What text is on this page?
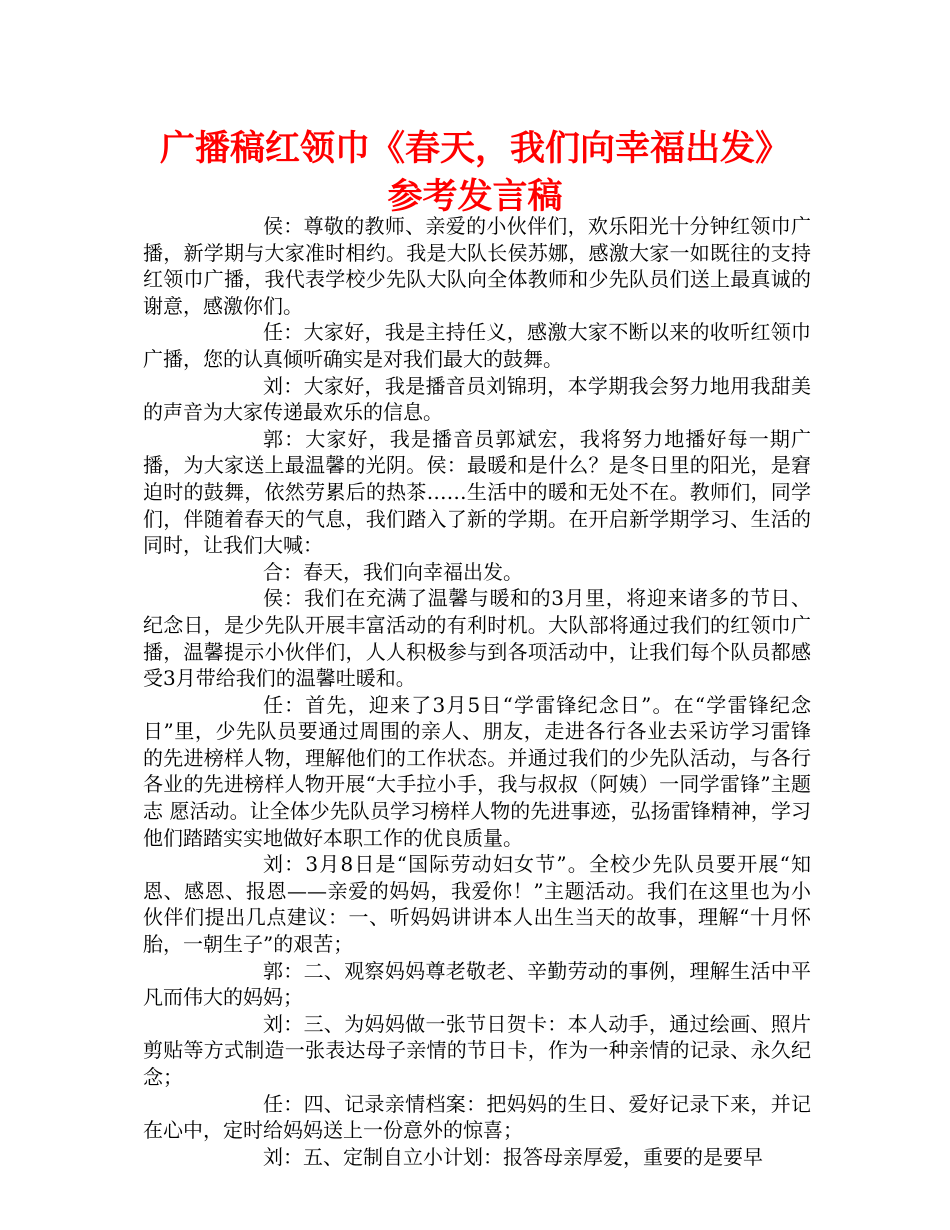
广播稿红领巾《春天，我们向幸福出发》
参考发言稿

侯：尊敬的教师、亲爱的小伙伴们，欢乐阳光十分钟红领巾广播，新学期与大家准时相约。我是大队长侯苏娜，感激大家一如既往的支持红领巾广播，我代表学校少先队大队向全体教师和少先队员们送上最真诚的谢意，感激你们。

任：大家好，我是主持任义，感激大家不断以来的收听红领巾广播，您的认真倾听确实是对我们最大的鼓舞。

刘：大家好，我是播音员刘锦玥，本学期我会努力地用我甜美的声音为大家传递最欢乐的信息。

郭：大家好，我是播音员郭斌宏，我将努力地播好每一期广播，为大家送上最温馨的光阴。侯：最暖和是什么？是冬日里的阳光，是窘迫时的鼓舞，依然劳累后的热茶……生活中的暖和无处不在。教师们，同学们，伴随着春天的气息，我们踏入了新的学期。在开启新学期学习、生活的同时，让我们大喊：

合：春天，我们向幸福出发。

侯：我们在充满了温馨与暖和的3月里，将迎来诸多的节日、纪念日，是少先队开展丰富活动的有利时机。大队部将通过我们的红领巾广播，温馨提示小伙伴们，人人积极参与到各项活动中，让我们每个队员都感受3月带给我们的温馨吐暖和。

任：首先，迎来了3月5日“学雷锋纪念日”。在“学雷锋纪念日”里，少先队员要通过周围的亲人、朋友，走进各行各业去采访学习雷锋的先进榜样人物，理解他们的工作状态。并通过我们的少先队活动，与各行各业的先进榜样人物开展“大手拉小手，我与叔叔（阿姨）一同学雷锋”主题志 愿活动。让全体少先队员学习榜样人物的先进事迹，弘扬雷锋精神，学习他们踏踏实实地做好本职工作的优良质量。

刘：3月8日是“国际劳动妇女节”。全校少先队员要开展“知恩、感恩、报恩——亲爱的妈妈，我爱你！”主题活动。我们在这里也为小伙伴们提出几点建议：一、听妈妈讲讲本人出生当天的故事，理解“十月怀胎，一朝生子”的艰苦；

郭：二、观察妈妈尊老敬老、辛勤劳动的事例，理解生活中平凡而伟大的妈妈；

刘：三、为妈妈做一张节日贺卡：本人动手，通过绘画、照片剪贴等方式制造一张表达母子亲情的节日卡，作为一种亲情的记录、永久纪念；

任：四、记录亲情档案：把妈妈的生日、爱好记录下来，并记在心中，定时给妈妈送上一份意外的惊喜；

刘：五、定制自立小计划：报答母亲厚爱，重要的是要早
